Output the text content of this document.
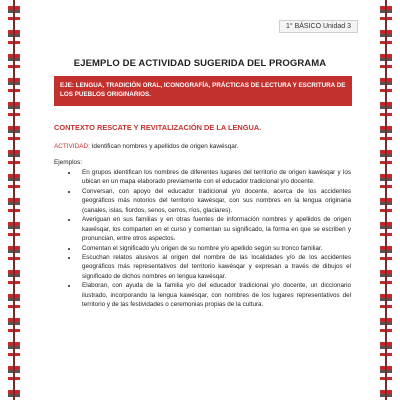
1° BÁSICO Unidad 3
EJEMPLO DE ACTIVIDAD SUGERIDA DEL PROGRAMA
EJE: LENGUA, TRADICIÓN ORAL, ICONOGRAFÍA, PRÁCTICAS DE LECTURA Y ESCRITURA DE LOS PUEBLOS ORIGINARIOS.
CONTEXTO RESCATE Y REVITALIZACIÓN DE LA LENGUA.
ACTIVIDAD: Identifican nombres y apellidos de origen kawésqar.
Ejemplos:
• En grupos identifican los nombres de diferentes lugares del territorio de origen kawésqar y los ubican en un mapa elaborado previamente con el educador tradicional y/o docente.
• Conversan, con apoyo del educador tradicional y/o docente, acerca de los accidentes geográficos más notorios del territorio kawésqar, con sus nombres en la lengua originaria (canales, islas, fiordos, senos, cerros, ríos, glaciares).
• Averiguan en sus familias y en otras fuentes de información nombres y apellidos de origen kawésqar, los comparten en el curso y comentan su significado, la forma en que se escriben y pronuncian, entre otros aspectos.
• Comentan el significado y/u origen de su nombre y/o apellido según su tronco familiar.
• Escuchan relatos alusivos al origen del nombre de las localidades y/o de los accidentes geográficos más representativos del territorio kawésqar y expresan a través de dibujos el significado de dichos nombres en lengua kawésqar.
• Elaboran, con ayuda de la familia y/o del educador tradicional y/o docente, un diccionario ilustrado, incorporando la lengua kawésqar, con nombres de los lugares representativos del territorio y de las festividades o ceremonias propias de la cultura.
